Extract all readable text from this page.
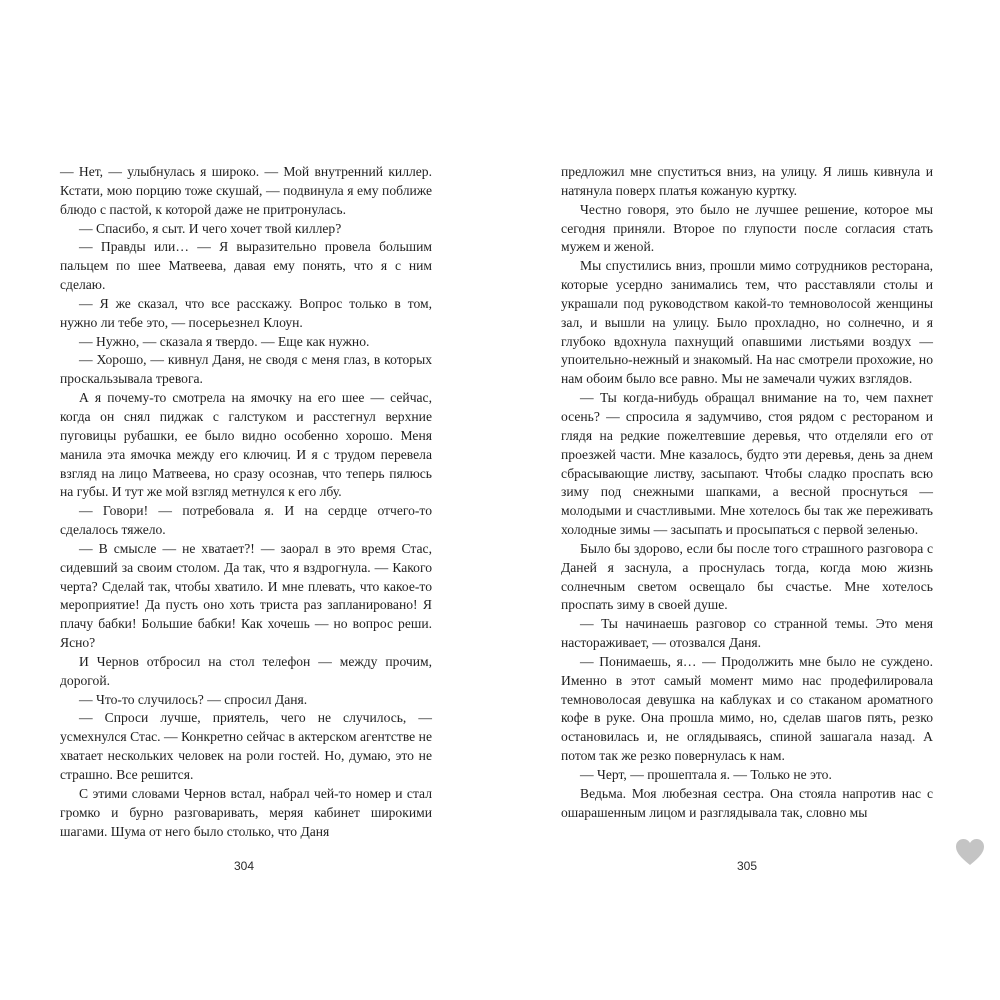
— Нет, — улыбнулась я широко. — Мой внутренний киллер. Кстати, мою порцию тоже скушай, — подвинула я ему поближе блюдо с пастой, к которой даже не притронулась.

— Спасибо, я сыт. И чего хочет твой киллер?

— Правды или… — Я выразительно провела большим пальцем по шее Матвеева, давая ему понять, что я с ним сделаю.

— Я же сказал, что все расскажу. Вопрос только в том, нужно ли тебе это, — посерьезнел Клоун.

— Нужно, — сказала я твердо. — Еще как нужно.

— Хорошо, — кивнул Даня, не сводя с меня глаз, в которых проскальзывала тревога.

А я почему-то смотрела на ямочку на его шее — сейчас, когда он снял пиджак с галстуком и расстегнул верхние пуговицы рубашки, ее было видно особенно хорошо. Меня манила эта ямочка между его ключиц. И я с трудом перевела взгляд на лицо Матвеева, но сразу осознав, что теперь пялюсь на губы. И тут же мой взгляд метнулся к его лбу.

— Говори! — потребовала я. И на сердце отчего-то сделалось тяжело.

— В смысле — не хватает?! — заорал в это время Стас, сидевший за своим столом. Да так, что я вздрогнула. — Какого черта? Сделай так, чтобы хватило. И мне плевать, что какое-то мероприятие! Да пусть оно хоть триста раз запланировано! Я плачу бабки! Большие бабки! Как хочешь — но вопрос реши. Ясно?

И Чернов отбросил на стол телефон — между прочим, дорогой.

— Что-то случилось? — спросил Даня.

— Спроси лучше, приятель, чего не случилось, — усмехнулся Стас. — Конкретно сейчас в актерском агентстве не хватает нескольких человек на роли гостей. Но, думаю, это не страшно. Все решится.

С этими словами Чернов встал, набрал чей-то номер и стал громко и бурно разговаривать, меряя кабинет широкими шагами. Шума от него было столько, что Даня

304

предложил мне спуститься вниз, на улицу. Я лишь кивнула и натянула поверх платья кожаную куртку.

Честно говоря, это было не лучшее решение, которое мы сегодня приняли. Второе по глупости после согласия стать мужем и женой.

Мы спустились вниз, прошли мимо сотрудников ресторана, которые усердно занимались тем, что расставляли столы и украшали под руководством какой-то темноволосой женщины зал, и вышли на улицу. Было прохладно, но солнечно, и я глубоко вдохнула пахнущий опавшими листьями воздух — упоительно-нежный и знакомый. На нас смотрели прохожие, но нам обоим было все равно. Мы не замечали чужих взглядов.

— Ты когда-нибудь обращал внимание на то, чем пахнет осень? — спросила я задумчиво, стоя рядом с рестораном и глядя на редкие пожелтевшие деревья, что отделяли его от проезжей части. Мне казалось, будто эти деревья, день за днем сбрасывающие листву, засыпают. Чтобы сладко проспать всю зиму под снежными шапками, а весной проснуться — молодыми и счастливыми. Мне хотелось бы так же переживать холодные зимы — засыпать и просыпаться с первой зеленью.

Было бы здорово, если бы после того страшного разговора с Даней я заснула, а проснулась тогда, когда мою жизнь солнечным светом освещало бы счастье. Мне хотелось проспать зиму в своей душе.

— Ты начинаешь разговор со странной темы. Это меня настораживает, — отозвался Даня.

— Понимаешь, я… — Продолжить мне было не суждено. Именно в этот самый момент мимо нас продефилировала темноволосая девушка на каблуках и со стаканом ароматного кофе в руке. Она прошла мимо, но, сделав шагов пять, резко остановилась и, не оглядываясь, спиной зашагала назад. А потом так же резко повернулась к нам.

— Черт, — прошептала я. — Только не это.

Ведьма. Моя любезная сестра. Она стояла напротив нас с ошарашенным лицом и разглядывала так, словно мы

305
